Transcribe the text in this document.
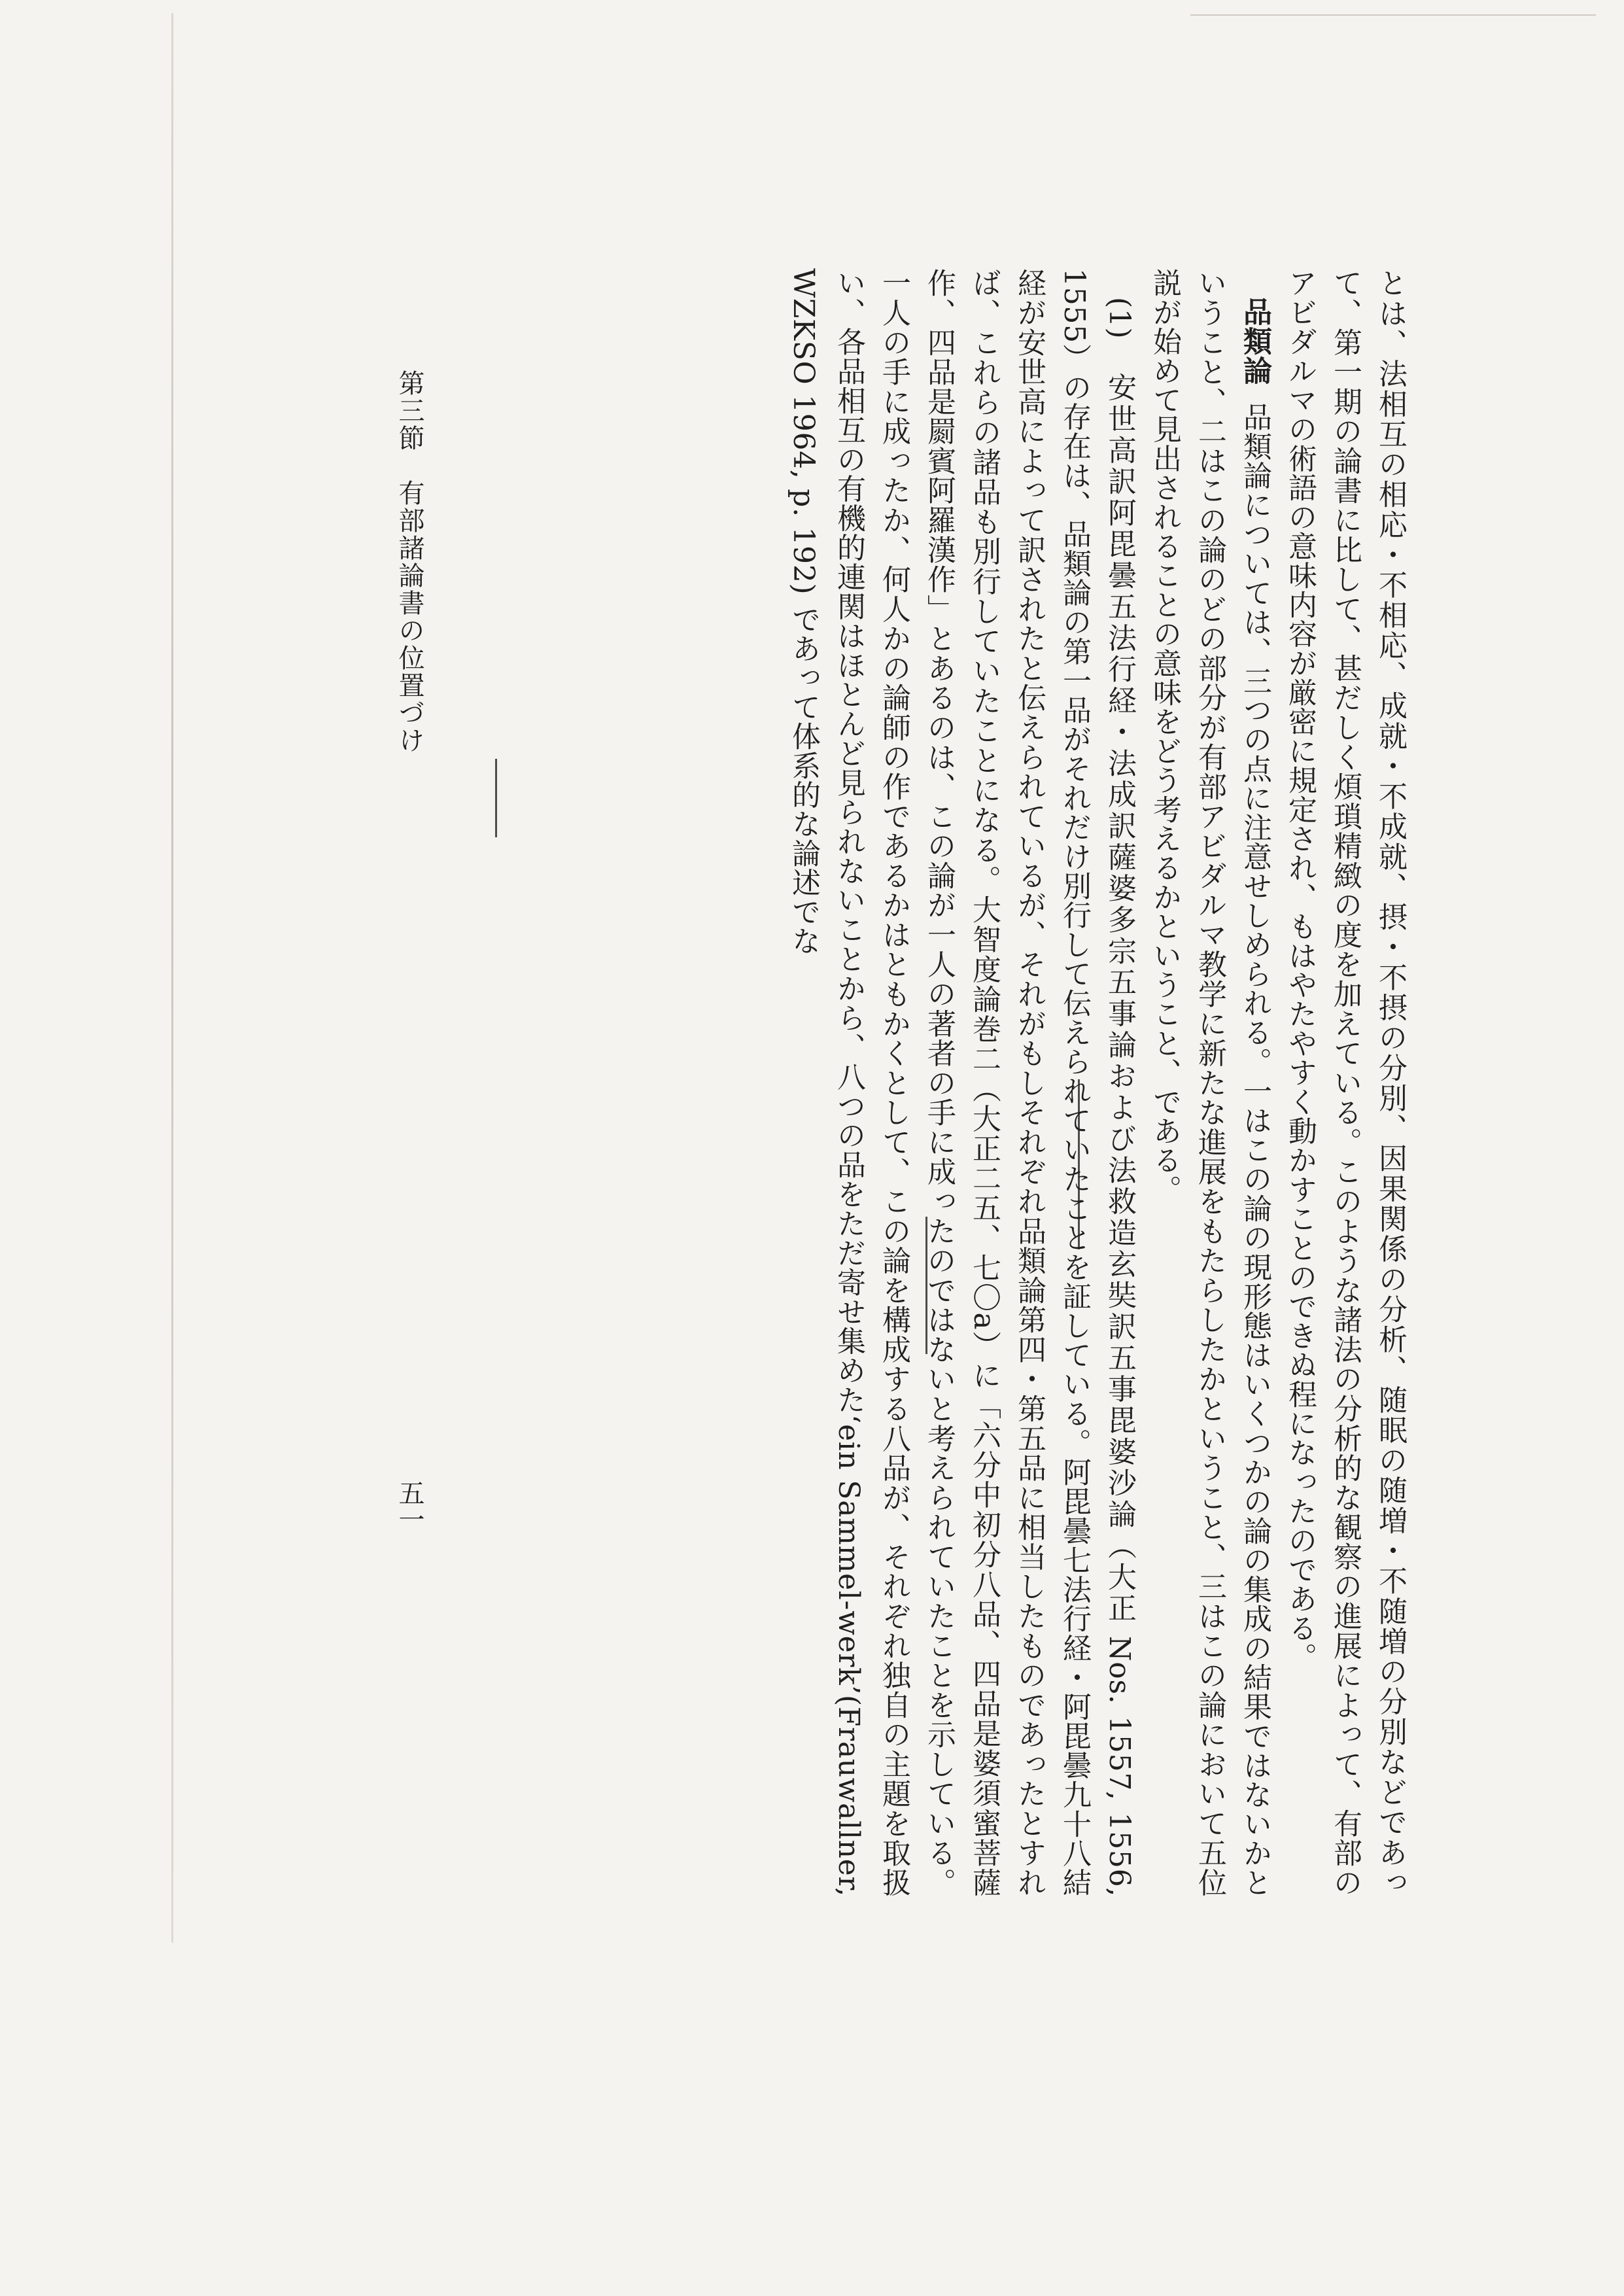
とは、法相互の相応・不相応、成就・不成就、摂・不摂の分別、因果関係の分析、随眠の随増・不随増の分別などであって、第一期の論書に比して、甚だしく煩瑣精緻の度を加えている。このような諸法の分析的な観察の進展によって、有部のアビダルマの術語の意味内容が厳密に規定され、もはやたやすく動かすことのできぬ程になったのである。

品類論品類論については、三つの点に注意せしめられる。一はこの論の現形態はいくつかの論の集成の結果ではないかということ、二はこの論のどの部分が有部アビダルマ教学に新たな進展をもたらしたかということ、三はこの論において五位説が始めて見出されることの意味をどう考えるかということ、である。

(1)　安世高訳阿毘曇五法行経・法成訳薩婆多宗五事論および法救造玄奘訳五事毘婆沙論（大正 Nos. 1557, 1556, 1555）の存在は、品類論の第一品がそれだけ別行して伝えられていたことを証している。阿毘曇七法行経・阿毘曇九十八結経が安世高によって訳されたと伝えられているが、それがもしそれぞれ品類論第四・第五品に相当したものであったとすれば、これらの諸品も別行していたことになる。大智度論巻二（大正二五、七〇a）に「六分中初分八品、四品是婆須蜜菩薩作、四品是罽賓阿羅漢作」とあるのは、この論が一人の著者の手に成ったのではないと考えられていたことを示している。一人の手に成ったか、何人かの論師の作であるかはともかくとして、この論を構成する八品が、それぞれ独自の主題を取扱い、各品相互の有機的連関はほとんど見られないことから、八つの品をただ寄せ集めた‘ein Sammel-werk’(Frauwallner, WZKSO 1964, p. 192) であって体系的な論述でな

第三節　有部諸論書の位置づけ
五一
